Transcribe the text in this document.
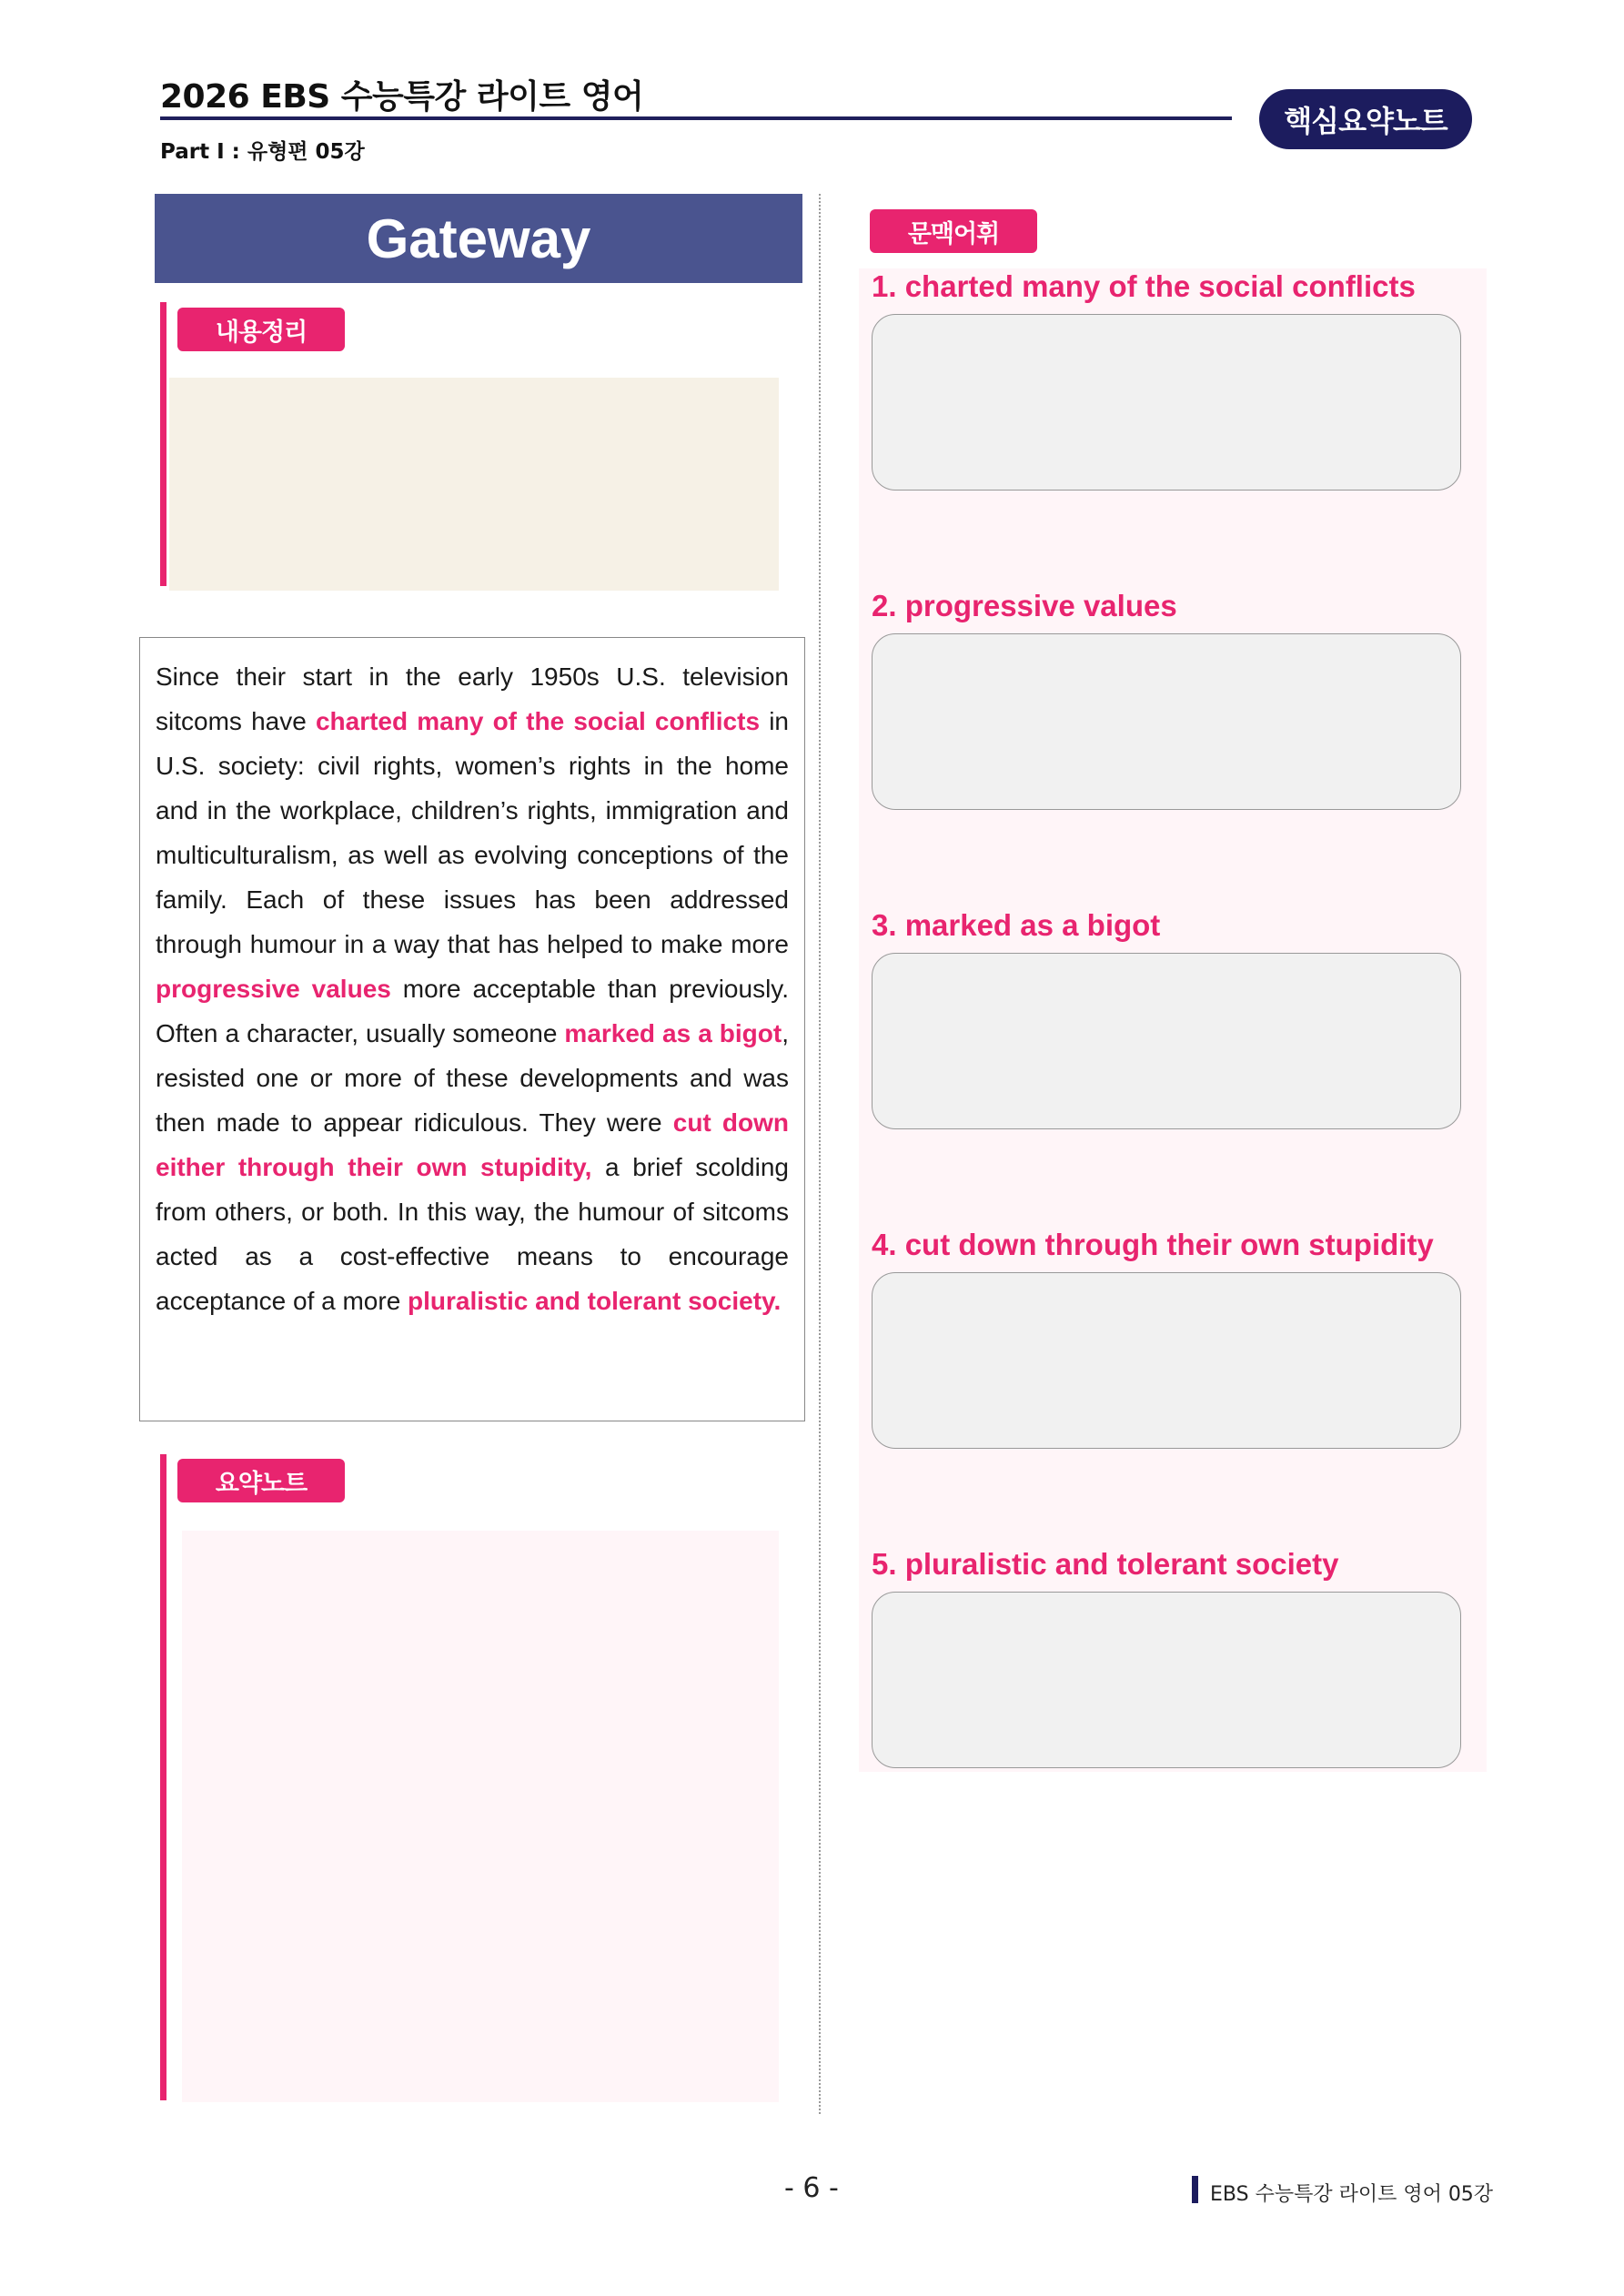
2026 EBS 수능특강 라이트 영어
Part Ⅰ : 유형편 05강
핵심요약노트
Gateway
내용정리

Since their start in the early 1950s U.S. television sitcoms have charted many of the social conflicts in U.S. society: civil rights, women’s rights in the home and in the workplace, children’s rights, immigration and multiculturalism, as well as evolving conceptions of the family. Each of these issues has been addressed through humour in a way that has helped to make more progressive values more acceptable than previously. Often a character, usually someone marked as a bigot, resisted one or more of these developments and was then made to appear ridiculous. They were cut down either through their own stupidity, a brief scolding from others, or both. In this way, the humour of sitcoms acted as a cost-effective means to encourage acceptance of a more pluralistic and tolerant society.

요약노트
문맥어휘
1. charted many of the social conflicts
2. progressive values
3. marked as a bigot
4. cut down through their own stupidity
5. pluralistic and tolerant society
- 6 -	EBS 수능특강 라이트 영어 05강
